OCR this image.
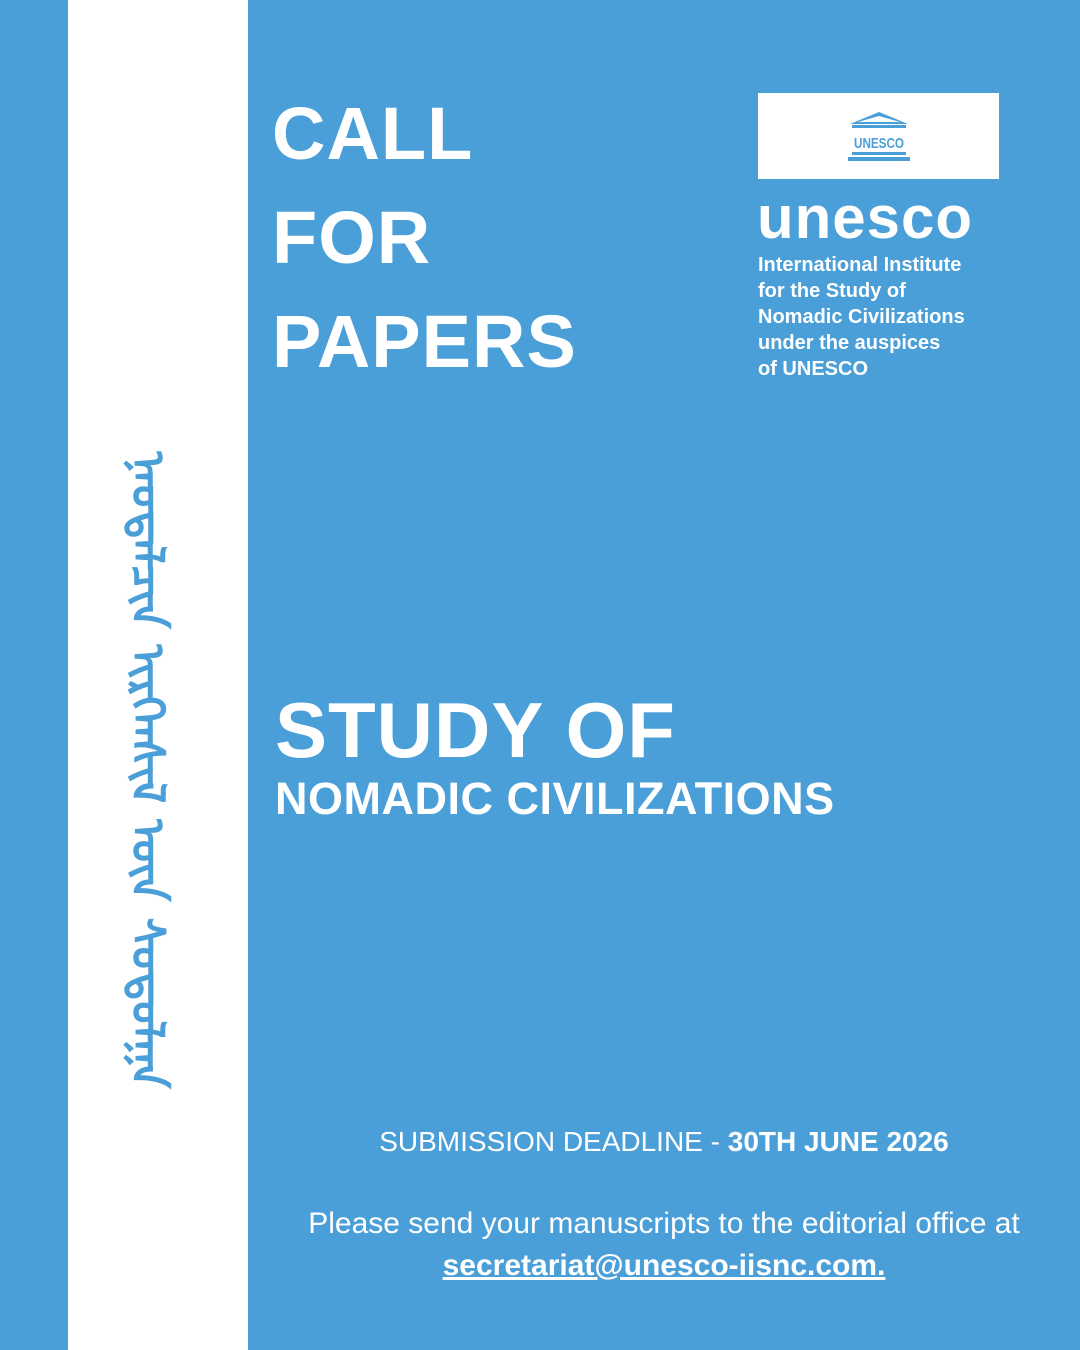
ᠨᠡᠦᠳᠡᠯᠴᠢᠨ ᠢᠷᠭᠡᠨᠰᠢᠯ ᠦᠨ ᠰᠤᠳᠤᠯᠭᠠ
CALL
FOR
PAPERS
UNESCO
unesco
International Institute
for the Study of
Nomadic Civilizations
under the auspices
of UNESCO
STUDY OF
NOMADIC CIVILIZATIONS
SUBMISSION DEADLINE - 30TH JUNE 2026
Please send your manuscripts to the editorial office at
secretariat@unesco-iisnc.com.
